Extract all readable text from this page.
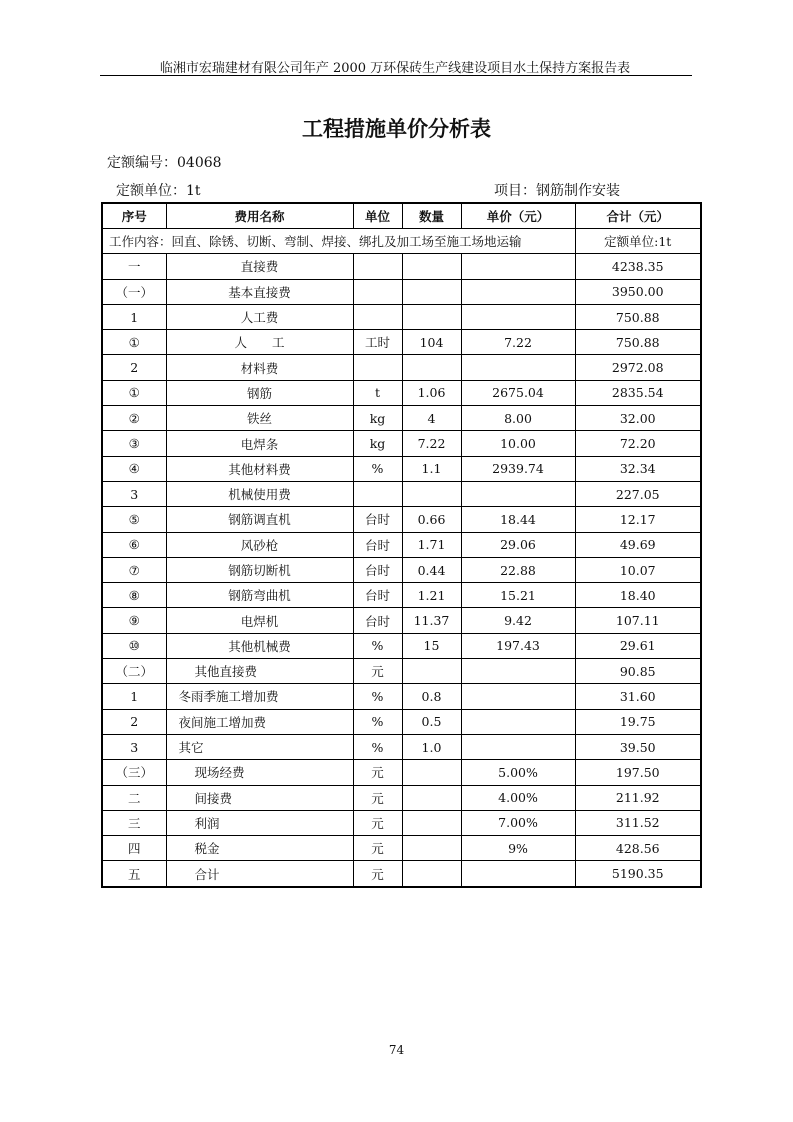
临湘市宏瑞建材有限公司年产 2000 万环保砖生产线建设项目水土保持方案报告表
工程措施单价分析表
定额编号：04068
定额单位：1t	项目：钢筋制作安装
工作内容：回直、除锈、切断、弯制、焊接、绑扎及加工场至施工场地运输					定额单位:1t
序号	费用名称	单位	数量	单价（元）	合计（元）
一	直接费				4238.35
（一）	基本直接费				3950.00
1	人工费				750.88
①	人　　工	工时	104	7.22	750.88
2	材料费				2972.08
①	钢筋	t	1.06	2675.04	2835.54
②	铁丝	kg	4	8.00	32.00
③	电焊条	kg	7.22	10.00	72.20
④	其他材料费	%	1.1	2939.74	32.34
3	机械使用费				227.05
⑤	钢筋调直机	台时	0.66	18.44	12.17
⑥	风砂枪	台时	1.71	29.06	49.69
⑦	钢筋切断机	台时	0.44	22.88	10.07
⑧	钢筋弯曲机	台时	1.21	15.21	18.40
⑨	电焊机	台时	11.37	9.42	107.11
⑩	其他机械费	%	15	197.43	29.61
（二）	其他直接费	元			90.85
1	冬雨季施工增加费	%	0.8		31.60
2	夜间施工增加费	%	0.5		19.75
3	其它	%	1.0		39.50
（三）	现场经费	元		5.00%	197.50
二	间接费	元		4.00%	211.92
三	利润	元		7.00%	311.52
四	税金	元		9%	428.56
五	合计	元			5190.35
74
